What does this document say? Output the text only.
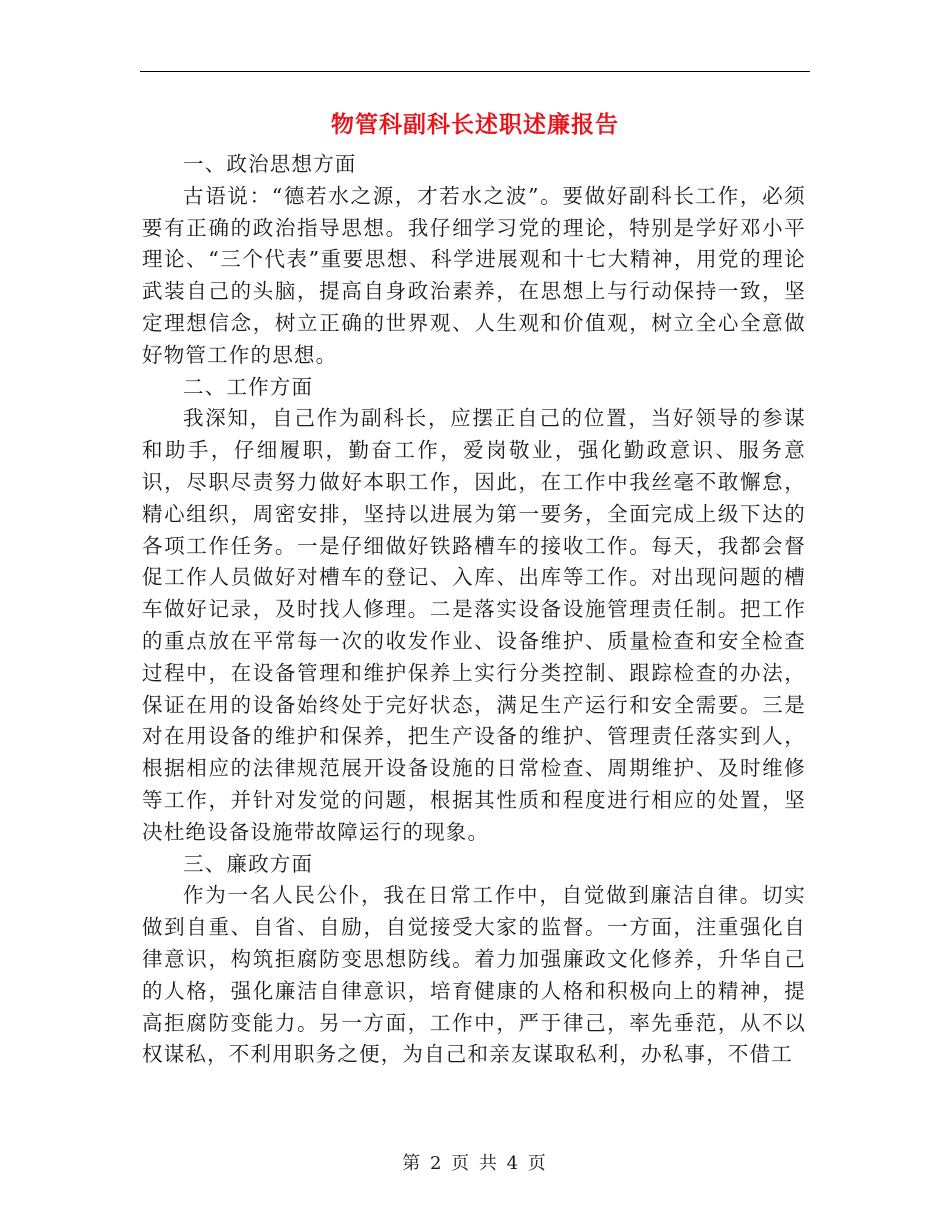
物管科副科长述职述廉报告

一、政治思想方面

古语说：“德若水之源，才若水之波”。要做好副科长工作，必须要有正确的政治指导思想。我仔细学习党的理论，特别是学好邓小平理论、“三个代表”重要思想、科学进展观和十七大精神，用党的理论武装自己的头脑，提高自身政治素养，在思想上与行动保持一致，坚定理想信念，树立正确的世界观、人生观和价值观，树立全心全意做好物管工作的思想。

二、工作方面

我深知，自己作为副科长，应摆正自己的位置，当好领导的参谋和助手，仔细履职，勤奋工作，爱岗敬业，强化勤政意识、服务意识，尽职尽责努力做好本职工作，因此，在工作中我丝毫不敢懈怠，精心组织，周密安排，坚持以进展为第一要务，全面完成上级下达的各项工作任务。一是仔细做好铁路槽车的接收工作。每天，我都会督促工作人员做好对槽车的登记、入库、出库等工作。对出现问题的槽车做好记录，及时找人修理。二是落实设备设施管理责任制。把工作的重点放在平常每一次的收发作业、设备维护、质量检查和安全检查过程中，在设备管理和维护保养上实行分类控制、跟踪检查的办法，保证在用的设备始终处于完好状态，满足生产运行和安全需要。三是对在用设备的维护和保养，把生产设备的维护、管理责任落实到人，根据相应的法律规范展开设备设施的日常检查、周期维护、及时维修等工作，并针对发觉的问题，根据其性质和程度进行相应的处置，坚决杜绝设备设施带故障运行的现象。

三、廉政方面

作为一名人民公仆，我在日常工作中，自觉做到廉洁自律。切实做到自重、自省、自励，自觉接受大家的监督。一方面，注重强化自律意识，构筑拒腐防变思想防线。着力加强廉政文化修养，升华自己的人格，强化廉洁自律意识，培育健康的人格和积极向上的精神，提高拒腐防变能力。另一方面，工作中，严于律己，率先垂范，从不以权谋私，不利用职务之便，为自己和亲友谋取私利，办私事，不借工

第 2 页 共 4 页
